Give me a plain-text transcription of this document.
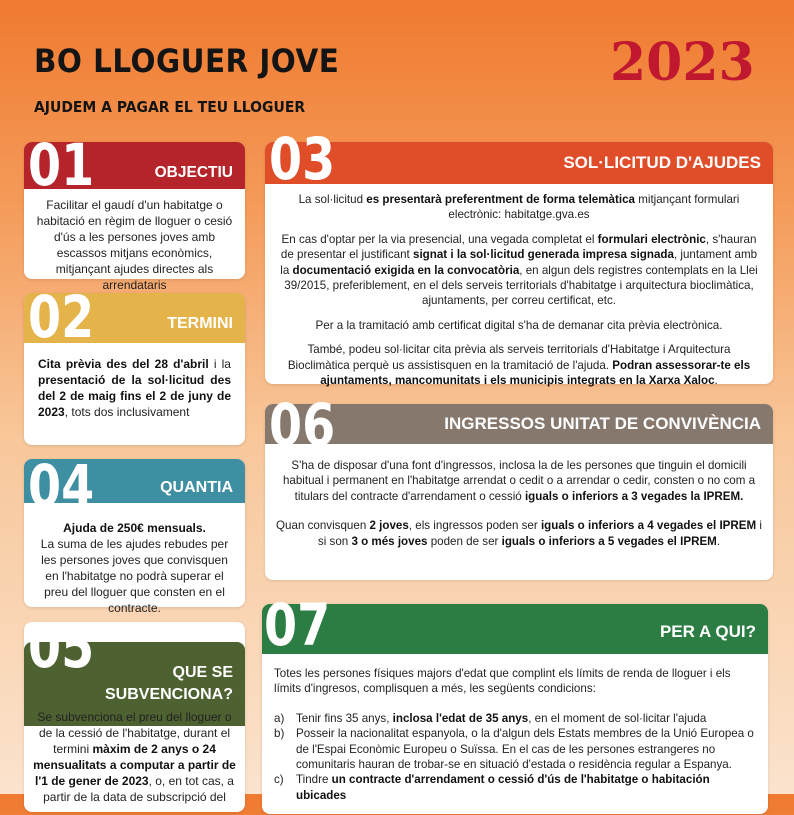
BO LLOGUER JOVE
AJUDEM A PAGAR EL TEU LLOGUER
2023
OBJECTIU
01

Facilitar el gaudí d'un habitatge o habitació en règim de lloguer o cesió d'ús a les persones joves amb escassos mitjans econòmics, mitjançant ajudes directes als arrendataris

TERMINI
02

Cita prèvia des del 28 d'abril i la presentació de la sol·licitud des del 2 de maig fins el 2 de juny de 2023, tots dos inclusivament

QUANTIA
04

Ajuda de 250€ mensuals.
La suma de les ajudes rebudes per les persones joves que convisquen en l'habitatge no podrà superar el preu del lloguer que consten en el contracte.

QUE SE
SUBVENCIONA?
05

Se subvenciona el preu del lloguer o de la cessió de l'habitatge, durant el termini màxim de 2 anys o 24 mensualitats a computar a partir de l'1 de gener de 2023, o, en tot cas, a partir de la data de subscripció del

SOL·LICITUD D'AJUDES
03

La sol·licitud es presentarà preferentment de forma telemàtica mitjançant formulari electrònic: habitatge.gva.es

En cas d'optar per la via presencial, una vegada completat el formulari electrònic, s'hauran de presentar el justificant signat i la sol·licitud generada impresa signada, juntament amb la documentació exigida en la convocatòria, en algun dels registres contemplats en la Llei 39/2015, preferiblement, en el dels serveis territorials d'habitatge i arquitectura bioclimàtica, ajuntaments, per correu certificat, etc.

Per a la tramitació amb certificat digital s'ha de demanar cita prèvia electrònica.

També, podeu sol·licitar cita prèvia als serveis territorials d'Habitatge i Arquitectura Bioclimàtica perquè us assistisquen en la tramitació de l'ajuda. Podran assessorar-te els ajuntaments, mancomunitats i els municipis integrats en la Xarxa Xaloc.

INGRESSOS UNITAT DE CONVIVÈNCIA
06

S'ha de disposar d'una font d'ingressos, inclosa la de les persones que tinguin el domicili habitual i permanent en l'habitatge arrendat o cedit o a arrendar o cedir, consten o no com a titulars del contracte d'arrendament o cessió iguals o inferiors a 3 vegades la IPREM.

Quan convisquen 2 joves, els ingressos poden ser iguals o inferiors a 4 vegades el IPREM i si son 3 o més joves poden de ser iguals o inferiors a 5 vegades el IPREM.

PER A QUI?
07

Totes les persones físiques majors d'edat que complint els límits de renda de lloguer i els límits d'ingresos, complisquen a més, les següents condicions:

a) Tenir fins 35 anys, inclosa l'edat de 35 anys, en el moment de sol·licitar l'ajuda
b) Posseir la nacionalitat espanyola, o la d'algun dels Estats membres de la Unió Europea o de l'Espai Econòmic Europeu o Suïssa. En el cas de les persones estrangeres no comunitaris hauran de trobar-se en situació d'estada o residència regular a Espanya.
c) Tindre un contracte d'arrendament o cessió d'ús de l'habitatge o habitación ubicades
